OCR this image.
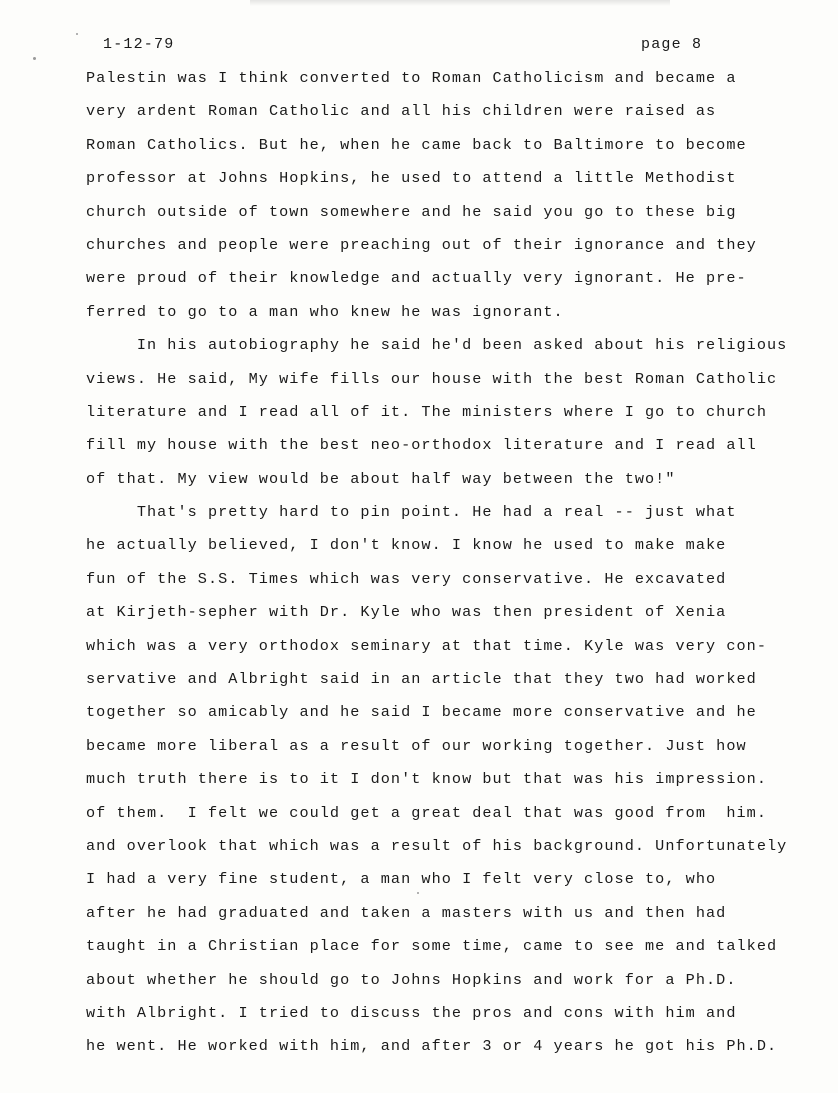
1-12-79	page 8
Palestin was I think converted to Roman Catholicism and became a
very ardent Roman Catholic and all his children were raised as
Roman Catholics. But he, when he came back to Baltimore to become
professor at Johns Hopkins, he used to attend a little Methodist
church outside of town somewhere and he said you go to these big
churches and people were preaching out of their ignorance and they
were proud of their knowledge and actually very ignorant. He pre-
ferred to go to a man who knew he was ignorant.
In his autobiography he said he'd been asked about his religious
views. He said, My wife fills our house with the best Roman Catholic
literature and I read all of it. The ministers where I go to church
fill my house with the best neo-orthodox literature and I read all
of that. My view would be about half way between the two!"
That's pretty hard to pin point. He had a real -- just what
he actually believed, I don't know. I know he used to make make
fun of the S.S. Times which was very conservative. He excavated
at Kirjeth-sepher with Dr. Kyle who was then president of Xenia
which was a very orthodox seminary at that time. Kyle was very con-
servative and Albright said in an article that they two had worked
together so amicably and he said I became more conservative and he
became more liberal as a result of our working together. Just how
much truth there is to it I don't know but that was his impression.
of them.  I felt we could get a great deal that was good from  him.
and overlook that which was a result of his background. Unfortunately
I had a very fine student, a man who I felt very close to, who
after he had graduated and taken a masters with us and then had
taught in a Christian place for some time, came to see me and talked
about whether he should go to Johns Hopkins and work for a Ph.D.
with Albright. I tried to discuss the pros and cons with him and
he went. He worked with him, and after 3 or 4 years he got his Ph.D.
